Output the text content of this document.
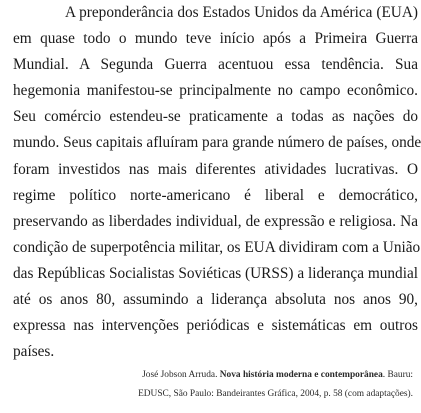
A preponderância dos Estados Unidos da América (EUA)
em quase todo o mundo teve início após a Primeira Guerra
Mundial. A Segunda Guerra acentuou essa tendência. Sua
hegemonia manifestou-se principalmente no campo econômico.
Seu comércio estendeu-se praticamente a todas as nações do
mundo. Seus capitais afluíram para grande número de países, onde
foram investidos nas mais diferentes atividades lucrativas. O
regime político norte-americano é liberal e democrático,
preservando as liberdades individual, de expressão e religiosa. Na
condição de superpotência militar, os EUA dividiram com a União
das Repúblicas Socialistas Soviéticas (URSS) a liderança mundial
até os anos 80, assumindo a liderança absoluta nos anos 90,
expressa nas intervenções periódicas e sistemáticas em outros
países.
José Jobson Arruda. Nova história moderna e contemporânea. Bauru:
EDUSC, São Paulo: Bandeirantes Gráfica, 2004, p. 58 (com adaptações).
